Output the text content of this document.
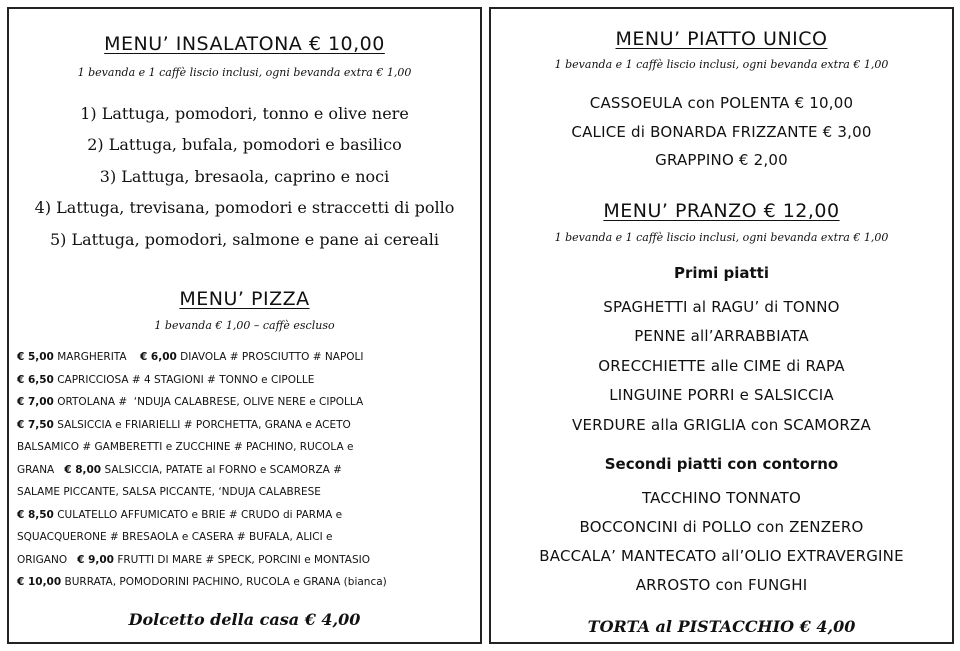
MENU’ INSALATONA € 10,00
1 bevanda e 1 caffè liscio inclusi, ogni bevanda extra € 1,00
1) Lattuga, pomodori, tonno e olive nere
2) Lattuga, bufala, pomodori e basilico
3) Lattuga, bresaola, caprino e noci
4) Lattuga, trevisana, pomodori e straccetti di pollo
5) Lattuga, pomodori, salmone e pane ai cereali
MENU’ PIZZA
1 bevanda € 1,00 – caffè escluso
€ 5,00 MARGHERITA    € 6,00 DIAVOLA # PROSCIUTTO # NAPOLI
€ 6,50 CAPRICCIOSA # 4 STAGIONI # TONNO e CIPOLLE
€ 7,00 ORTOLANA #  ‘NDUJA CALABRESE, OLIVE NERE e CIPOLLA
€ 7,50 SALSICCIA e FRIARIELLI # PORCHETTA, GRANA e ACETO
BALSAMICO # GAMBERETTI e ZUCCHINE # PACHINO, RUCOLA e
GRANA   € 8,00 SALSICCIA, PATATE al FORNO e SCAMORZA #
SALAME PICCANTE, SALSA PICCANTE, ‘NDUJA CALABRESE
€ 8,50 CULATELLO AFFUMICATO e BRIE # CRUDO di PARMA e
SQUACQUERONE # BRESAOLA e CASERA # BUFALA, ALICI e
ORIGANO   € 9,00 FRUTTI DI MARE # SPECK, PORCINI e MONTASIO
€ 10,00 BURRATA, POMODORINI PACHINO, RUCOLA e GRANA (bianca)
Dolcetto della casa € 4,00
MENU’ PIATTO UNICO
1 bevanda e 1 caffè liscio inclusi, ogni bevanda extra € 1,00
CASSOEULA con POLENTA € 10,00
CALICE di BONARDA FRIZZANTE € 3,00
GRAPPINO € 2,00
MENU’ PRANZO € 12,00
1 bevanda e 1 caffè liscio inclusi, ogni bevanda extra € 1,00
Primi piatti
SPAGHETTI al RAGU’ di TONNO
PENNE all’ARRABBIATA
ORECCHIETTE alle CIME di RAPA
LINGUINE PORRI e SALSICCIA
VERDURE alla GRIGLIA con SCAMORZA
Secondi piatti con contorno
TACCHINO TONNATO
BOCCONCINI di POLLO con ZENZERO
BACCALA’ MANTECATO all’OLIO EXTRAVERGINE
ARROSTO con FUNGHI
TORTA al PISTACCHIO € 4,00
